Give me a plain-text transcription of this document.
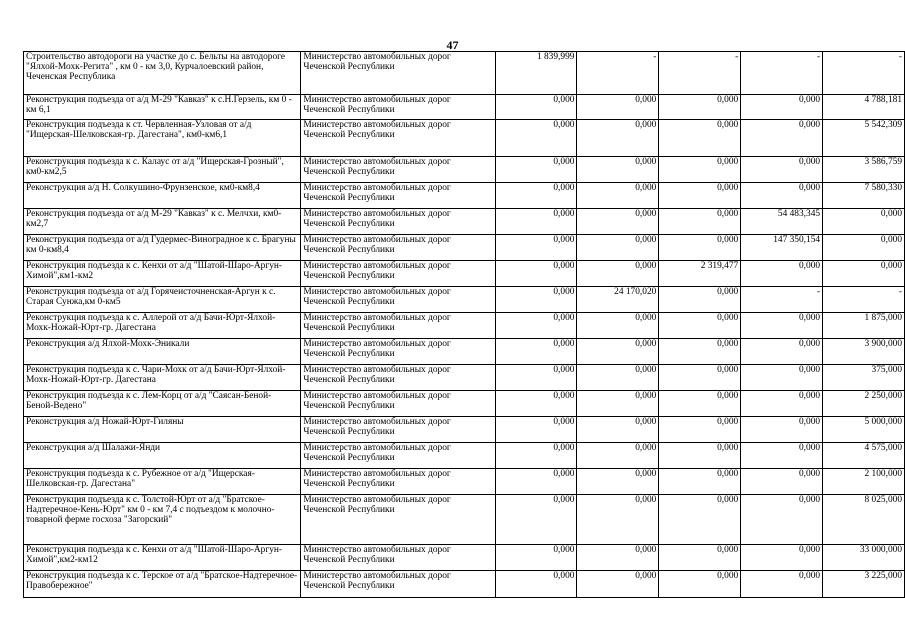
47
Строительство автодороги на участке до с. Бельты на автодороге "Ялхой-Мохк-Регита" , км 0 - км 3,0, Курчалоевский район, Чеченская Республика	Министерство автомобильных дорог Чеченской Республики	1 839,999	-	-	-	-
Реконструкция подъезда от а/д М-29 "Кавказ" к с.Н.Герзель, км 0 - км 6,1	Министерство автомобильных дорог Чеченской Республики	0,000	0,000	0,000	0,000	4 788,181
Реконструкция подъезда к ст. Червленная-Узловая от а/д "Ищерская-Шелковская-гр. Дагестана", км0-км6,1	Министерство автомобильных дорог Чеченской Республики	0,000	0,000	0,000	0,000	5 542,309
Реконструкция подъезда к с. Калаус от а/д "Ищерская-Грозный", км0-км2,5	Министерство автомобильных дорог Чеченской Республики	0,000	0,000	0,000	0,000	3 586,759
Реконструкция а/д Н. Солкушино-Фрунзенское, км0-км8,4	Министерство автомобильных дорог Чеченской Республики	0,000	0,000	0,000	0,000	7 580,330
Реконструкция подъезда от а/д М-29 "Кавказ" к с. Мелчхи, км0-км2,7	Министерство автомобильных дорог Чеченской Республики	0,000	0,000	0,000	54 483,345	0,000
Реконструкция подъезда от а/д Гудермес-Виноградное к с. Брагуны км 0-км8,4	Министерство автомобильных дорог Чеченской Республики	0,000	0,000	0,000	147 350,154	0,000
Реконструкция подъезда к с. Кенхи от а/д "Шатой-Шаро-Аргун-Химой",км1-км2	Министерство автомобильных дорог Чеченской Республики	0,000	0,000	2 319,477	0,000	0,000
Реконструкция подъезда от а/д Горячеисточненская-Аргун к с. Старая Сунжа,км 0-км5	Министерство автомобильных дорог Чеченской Республики	0,000	24 170,020	0,000	-	-
Реконструкция подъезда к с. Аллерой от а/д Бачи-Юрт-Ялхой-Мохк-Ножай-Юрт-гр. Дагестана	Министерство автомобильных дорог Чеченской Республики	0,000	0,000	0,000	0,000	1 875,000
Реконструкция а/д Ялхой-Мохк-Эникали	Министерство автомобильных дорог Чеченской Республики	0,000	0,000	0,000	0,000	3 900,000
Реконструкция подъезда к с. Чари-Мохк от а/д Бачи-Юрт-Ялхой-Мохк-Ножай-Юрт-гр. Дагестана	Министерство автомобильных дорог Чеченской Республики	0,000	0,000	0,000	0,000	375,000
Реконструкция подъезда к с. Лем-Корц от а/д "Саясан-Беной-Беной-Ведено"	Министерство автомобильных дорог Чеченской Республики	0,000	0,000	0,000	0,000	2 250,000
Реконструкция а/д Ножай-Юрт-Гиляны	Министерство автомобильных дорог Чеченской Республики	0,000	0,000	0,000	0,000	5 000,000
Реконструкция а/д Шалажи-Янди	Министерство автомобильных дорог Чеченской Республики	0,000	0,000	0,000	0,000	4 575,000
Реконструкция подъезда к с. Рубежное от а/д "Ищерская-Шелковская-гр. Дагестана"	Министерство автомобильных дорог Чеченской Республики	0,000	0,000	0,000	0,000	2 100,000
Реконструкция подъезда к с. Толстой-Юрт от а/д "Братское-Надтеречное-Кень-Юрт" км 0 - км 7,4 с подъездом к молочно-товарной ферме госхоза "Загорский"	Министерство автомобильных дорог Чеченской Республики	0,000	0,000	0,000	0,000	8 025,000
Реконструкция подъезда к с. Кенхи от а/д "Шатой-Шаро-Аргун-Химой",км2-км12	Министерство автомобильных дорог Чеченской Республики	0,000	0,000	0,000	0,000	33 000,000
Реконструкция подъезда к с. Терское от а/д "Братское-Надтеречное-Правобережное"	Министерство автомобильных дорог Чеченской Республики	0,000	0,000	0,000	0,000	3 225,000
